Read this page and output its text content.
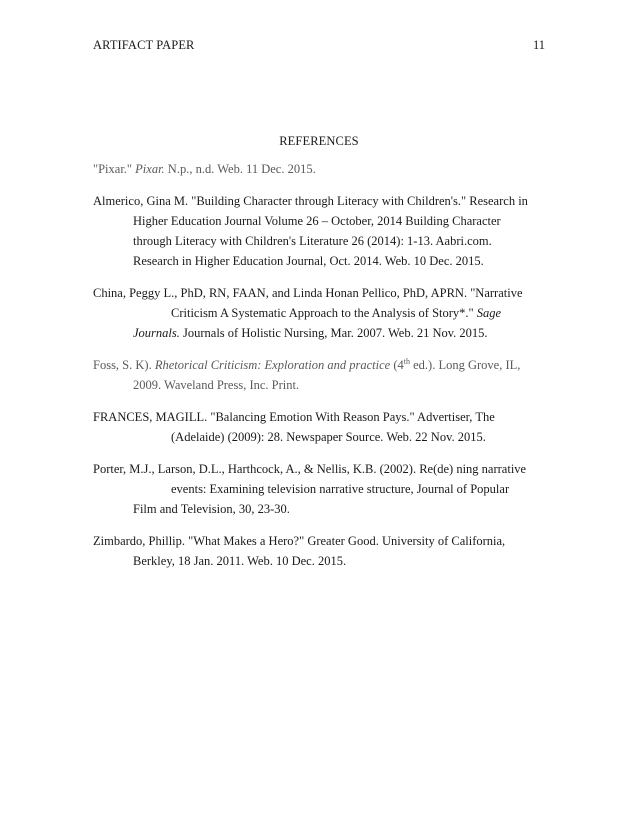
ARTIFACT PAPER	11
REFERENCES
"Pixar." Pixar. N.p., n.d. Web. 11 Dec. 2015.
Almerico, Gina M. "Building Character through Literacy with Children's." Research in
Higher Education Journal Volume 26 – October, 2014 Building Character
through Literacy with Children's Literature 26 (2014): 1-13. Aabri.com.
Research in Higher Education Journal, Oct. 2014. Web. 10 Dec. 2015.
China, Peggy L., PhD, RN, FAAN, and Linda Honan Pellico, PhD, APRN. "Narrative
Criticism A Systematic Approach to the Analysis of Story*." Sage
Journals. Journals of Holistic Nursing, Mar. 2007. Web. 21 Nov. 2015.
Foss, S. K). Rhetorical Criticism: Exploration and practice (4th ed.). Long Grove, IL,
2009. Waveland Press, Inc. Print.
FRANCES, MAGILL. "Balancing Emotion With Reason Pays." Advertiser, The
(Adelaide) (2009): 28. Newspaper Source. Web. 22 Nov. 2015.
Porter, M.J., Larson, D.L., Harthcock, A., & Nellis, K.B. (2002). Re(de) ning narrative
events: Examining television narrative structure, Journal of Popular
Film and Television, 30, 23-30.
Zimbardo, Phillip. "What Makes a Hero?" Greater Good. University of California,
Berkley, 18 Jan. 2011. Web. 10 Dec. 2015.
